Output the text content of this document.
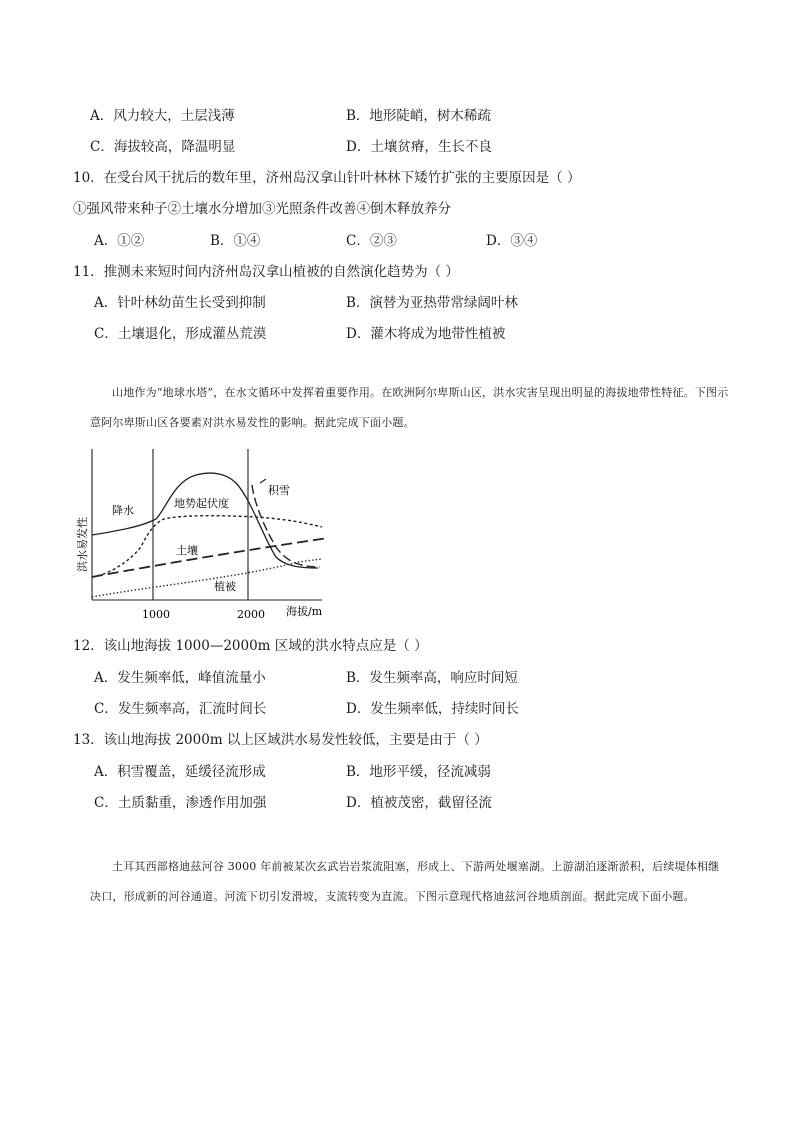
A．风力较大，土层浅薄	B．地形陡峭，树木稀疏
C．海拔较高，降温明显	D．土壤贫瘠，生长不良
10．在受台风干扰后的数年里，济州岛汉拿山针叶林林下矮竹扩张的主要原因是（ ）
①强风带来种子②土壤水分增加③光照条件改善④倒木释放养分
A．①②	B．①④	C．②③	D．③④
11．推测未来短时间内济州岛汉拿山植被的自然演化趋势为（ ）
A．针叶林幼苗生长受到抑制	B．演替为亚热带常绿阔叶林
C．土壤退化，形成灌丛荒漠	D．灌木将成为地带性植被
山地作为“地球水塔”，在水文循环中发挥着重要作用。在欧洲阿尔卑斯山区，洪水灾害呈现出明显的海拔地带性特征。下图示意阿尔卑斯山区各要素对洪水易发性的影响。据此完成下面小题。
洪水易发性
海拔/m
1000	2000
降水
地势起伏度
积雪
土壤
植被
12．该山地海拔 1000—2000m 区域的洪水特点应是（ ）
A．发生频率低，峰值流量小	B．发生频率高，响应时间短
C．发生频率高，汇流时间长	D．发生频率低，持续时间长
13．该山地海拔 2000m 以上区域洪水易发性较低，主要是由于（ ）
A．积雪覆盖，延缓径流形成	B．地形平缓，径流减弱
C．土质黏重，渗透作用加强	D．植被茂密，截留径流
土耳其西部格迪兹河谷 3000 年前被某次玄武岩岩浆流阻塞，形成上、下游两处堰塞湖。上游湖泊逐渐淤积，后续堤体相继决口，形成新的河谷通道。河流下切引发滑坡，支流转变为直流。下图示意现代格迪兹河谷地质剖面。据此完成下面小题。
